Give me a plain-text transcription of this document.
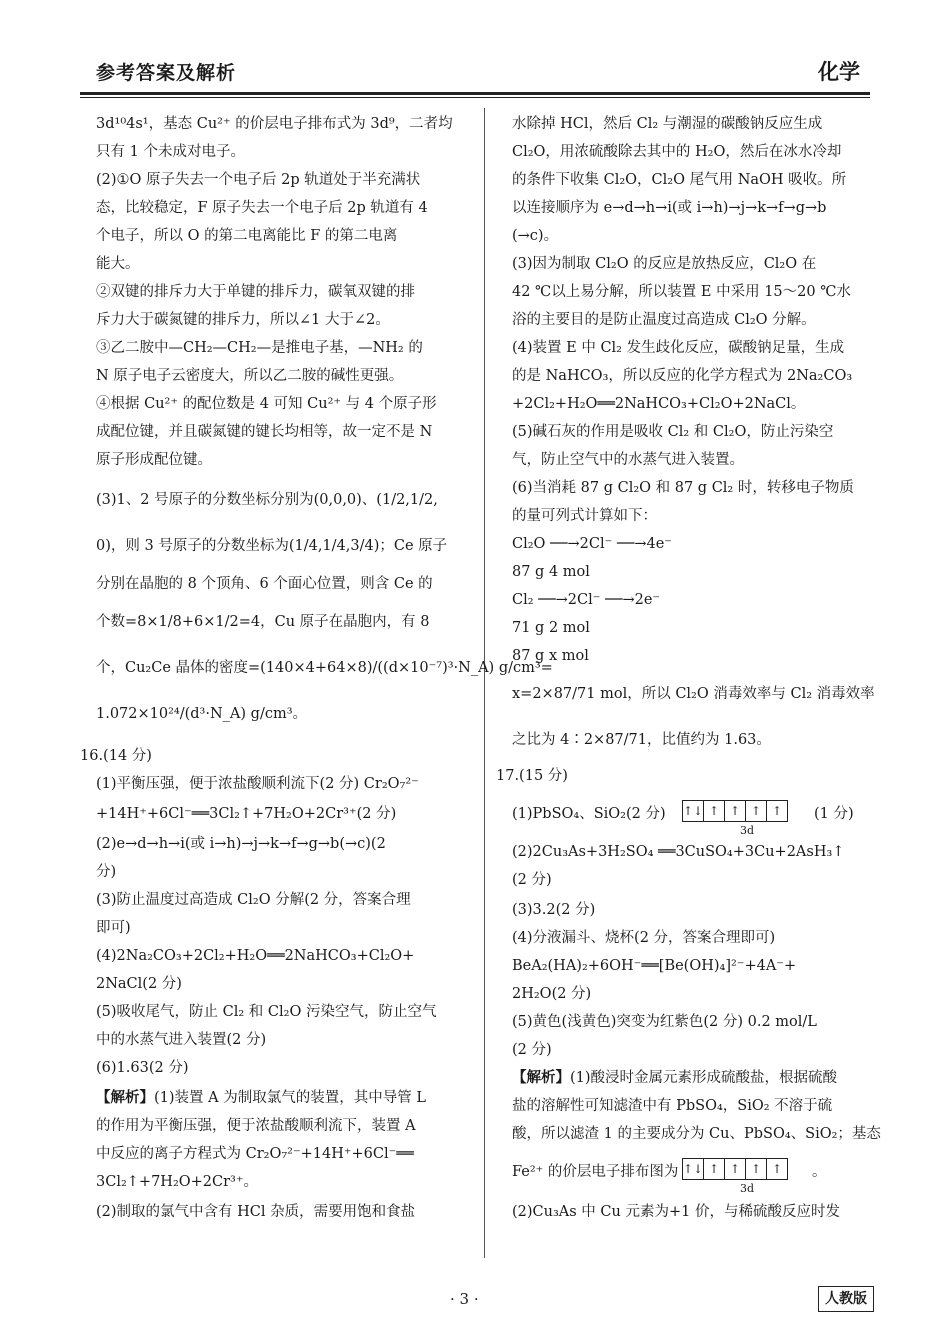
参考答案及解析	化学
3d¹⁰4s¹，基态 Cu²⁺ 的价层电子排布式为 3d⁹，二者均
只有 1 个未成对电子。
(2)①O 原子失去一个电子后 2p 轨道处于半充满状
态，比较稳定，F 原子失去一个电子后 2p 轨道有 4
个电子，所以 O 的第二电离能比 F 的第二电离
能大。
②双键的排斥力大于单键的排斥力，碳氧双键的排
斥力大于碳氮键的排斥力，所以∠1 大于∠2。
③乙二胺中—CH₂—CH₂—是推电子基，—NH₂ 的
N 原子电子云密度大，所以乙二胺的碱性更强。
④根据 Cu²⁺ 的配位数是 4 可知 Cu²⁺ 与 4 个原子形
成配位键，并且碳氮键的键长均相等，故一定不是 N
原子形成配位键。
(3)1、2 号原子的分数坐标分别为(0,0,0)、(1/2,1/2,
0)，则 3 号原子的分数坐标为(1/4,1/4,3/4)；Ce 原子
分别在晶胞的 8 个顶角、6 个面心位置，则含 Ce 的
个数=8×1/8+6×1/2=4，Cu 原子在晶胞内，有 8
个，Cu₂Ce 晶体的密度=(140×4+64×8)/((d×10⁻⁷)³·N_A) g/cm³=
1.072×10²⁴/(d³·N_A) g/cm³。
16.(14 分)
(1)平衡压强，便于浓盐酸顺利流下(2 分) Cr₂O₇²⁻
+14H⁺+6Cl⁻══3Cl₂↑+7H₂O+2Cr³⁺(2 分)
(2)e→d→h→i(或 i→h)→j→k→f→g→b(→c)(2
分)
(3)防止温度过高造成 Cl₂O 分解(2 分，答案合理
即可)
(4)2Na₂CO₃+2Cl₂+H₂O══2NaHCO₃+Cl₂O+
2NaCl(2 分)
(5)吸收尾气，防止 Cl₂ 和 Cl₂O 污染空气，防止空气
中的水蒸气进入装置(2 分)
(6)1.63(2 分)
【解析】(1)装置 A 为制取氯气的装置，其中导管 L
的作用为平衡压强，便于浓盐酸顺利流下，装置 A
中反应的离子方程式为 Cr₂O₇²⁻+14H⁺+6Cl⁻══
3Cl₂↑+7H₂O+2Cr³⁺。
(2)制取的氯气中含有 HCl 杂质，需要用饱和食盐
水除掉 HCl，然后 Cl₂ 与潮湿的碳酸钠反应生成
Cl₂O，用浓硫酸除去其中的 H₂O，然后在冰水冷却
的条件下收集 Cl₂O，Cl₂O 尾气用 NaOH 吸收。所
以连接顺序为 e→d→h→i(或 i→h)→j→k→f→g→b
(→c)。
(3)因为制取 Cl₂O 的反应是放热反应，Cl₂O 在
42 ℃以上易分解，所以装置 E 中采用 15～20 ℃水
浴的主要目的是防止温度过高造成 Cl₂O 分解。
(4)装置 E 中 Cl₂ 发生歧化反应，碳酸钠足量，生成
的是 NaHCO₃，所以反应的化学方程式为 2Na₂CO₃
+2Cl₂+H₂O══2NaHCO₃+Cl₂O+2NaCl。
(5)碱石灰的作用是吸收 Cl₂ 和 Cl₂O，防止污染空
气，防止空气中的水蒸气进入装置。
(6)当消耗 87 g Cl₂O 和 87 g Cl₂ 时，转移电子物质
的量可列式计算如下：
Cl₂O ──→2Cl⁻ ──→4e⁻
87 g 4 mol
Cl₂ ──→2Cl⁻ ──→2e⁻
71 g 2 mol
87 g x mol
x=2×87/71 mol，所以 Cl₂O 消毒效率与 Cl₂ 消毒效率
之比为 4∶2×87/71，比值约为 1.63。
17.(15 分)
(1)PbSO₄、SiO₂(2 分) ↑↓ ↑ ↑ ↑ ↑
3d
(1 分)
(2)2Cu₃As+3H₂SO₄ ══3CuSO₄+3Cu+2AsH₃↑
(2 分)
(3)3.2(2 分)
(4)分液漏斗、烧杯(2 分，答案合理即可)
BeA₂(HA)₂+6OH⁻══[Be(OH)₄]²⁻+4A⁻+
2H₂O(2 分)
(5)黄色(浅黄色)突变为红紫色(2 分) 0.2 mol/L
(2 分)
【解析】(1)酸浸时金属元素形成硫酸盐，根据硫酸
盐的溶解性可知滤渣中有 PbSO₄，SiO₂ 不溶于硫
酸，所以滤渣 1 的主要成分为 Cu、PbSO₄、SiO₂；基态
Fe²⁺ 的价层电子排布图为 ↑↓ ↑ ↑ ↑ ↑
3d
。
(2)Cu₃As 中 Cu 元素为+1 价，与稀硫酸反应时发
· 3 ·	人教版
